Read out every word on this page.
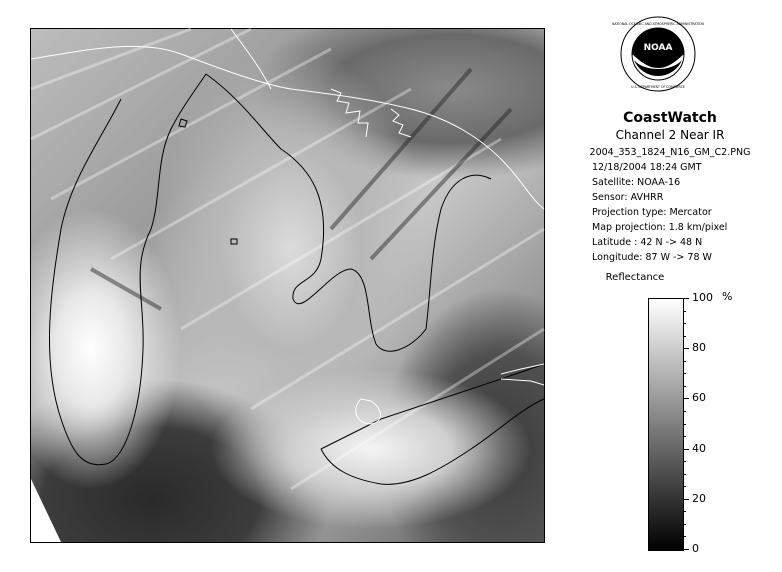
NOAA
NATIONAL OCEANIC AND ATMOSPHERIC ADMINISTRATION
U.S. DEPARTMENT OF COMMERCE
CoastWatch
Channel 2 Near IR
2004_353_1824_N16_GM_C2.PNG
12/18/2004 18:24 GMT
Satellite: NOAA-16
Sensor: AVHRR
Projection type: Mercator
Map projection: 1.8 km/pixel
Latitude : 42 N -> 48 N
Longitude: 87 W -> 78 W
Reflectance
%
100
80
60
40
20
0
